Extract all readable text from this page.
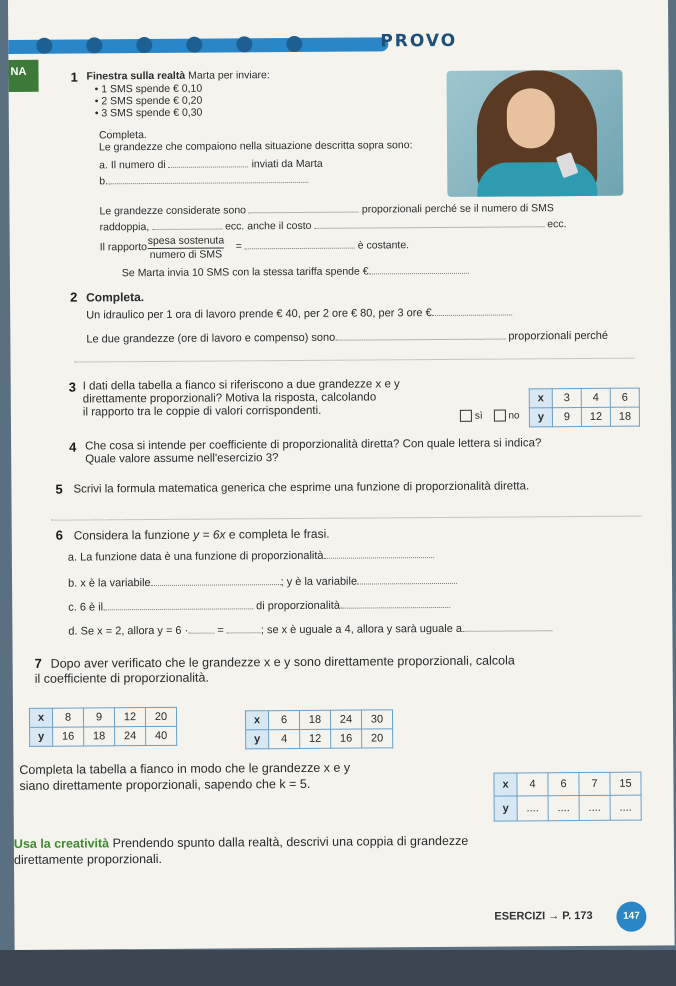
PROVO
NA	1 Finestra sulla realtà Marta per inviare:
• 1 SMS spende € 0,10
• 2 SMS spende € 0,20
• 3 SMS spende € 0,30
Completa.
Le grandezze che compaiono nella situazione descritta sopra sono:
a. Il numero di	inviati da Marta
b.
Le grandezze considerate sono	proporzionali perché se il numero di SMS
raddoppia,	ecc. anche il costo	ecc.
Il rapporto
spesa sostenuta
numero di SMS
=	è costante.
Se Marta invia 10 SMS con la stessa tariffa spende €
2 Completa.
Un idraulico per 1 ora di lavoro prende € 40, per 2 ore € 80, per 3 ore €
Le due grandezze (ore di lavoro e compenso) sono	proporzionali perché
3 I dati della tabella a fianco si riferiscono a due grandezze x e y
direttamente proporzionali? Motiva la risposta, calcolando
il rapporto tra le coppie di valori corrispondenti.	sì	no
x	3	4	6
y	9	12	18
4 Che cosa si intende per coefficiente di proporzionalità diretta? Con quale lettera si indica?
Quale valore assume nell'esercizio 3?
5 Scrivi la formula matematica generica che esprime una funzione di proporzionalità diretta.
6 Considera la funzione y = 6x e completa le frasi.
a. La funzione data è una funzione di proporzionalità
b. x è la variabile	; y è la variabile
c. 6 è il	di proporzionalità
d. Se x = 2, allora y = 6 ·	=	; se x è uguale a 4, allora y sarà uguale a
7 Dopo aver verificato che le grandezze x e y sono direttamente proporzionali, calcola
il coefficiente di proporzionalità.
x	8	9	12	20
y	16	18	24	40
x	6	18	24	30
y	4	12	16	20
Completa la tabella a fianco in modo che le grandezze x e y
siano direttamente proporzionali, sapendo che k = 5.	x	4	6	7	15
y	....	....	....	....
Usa la creatività Prendendo spunto dalla realtà, descrivi una coppia di grandezze
direttamente proporzionali.
ESERCIZI → P. 173	147
